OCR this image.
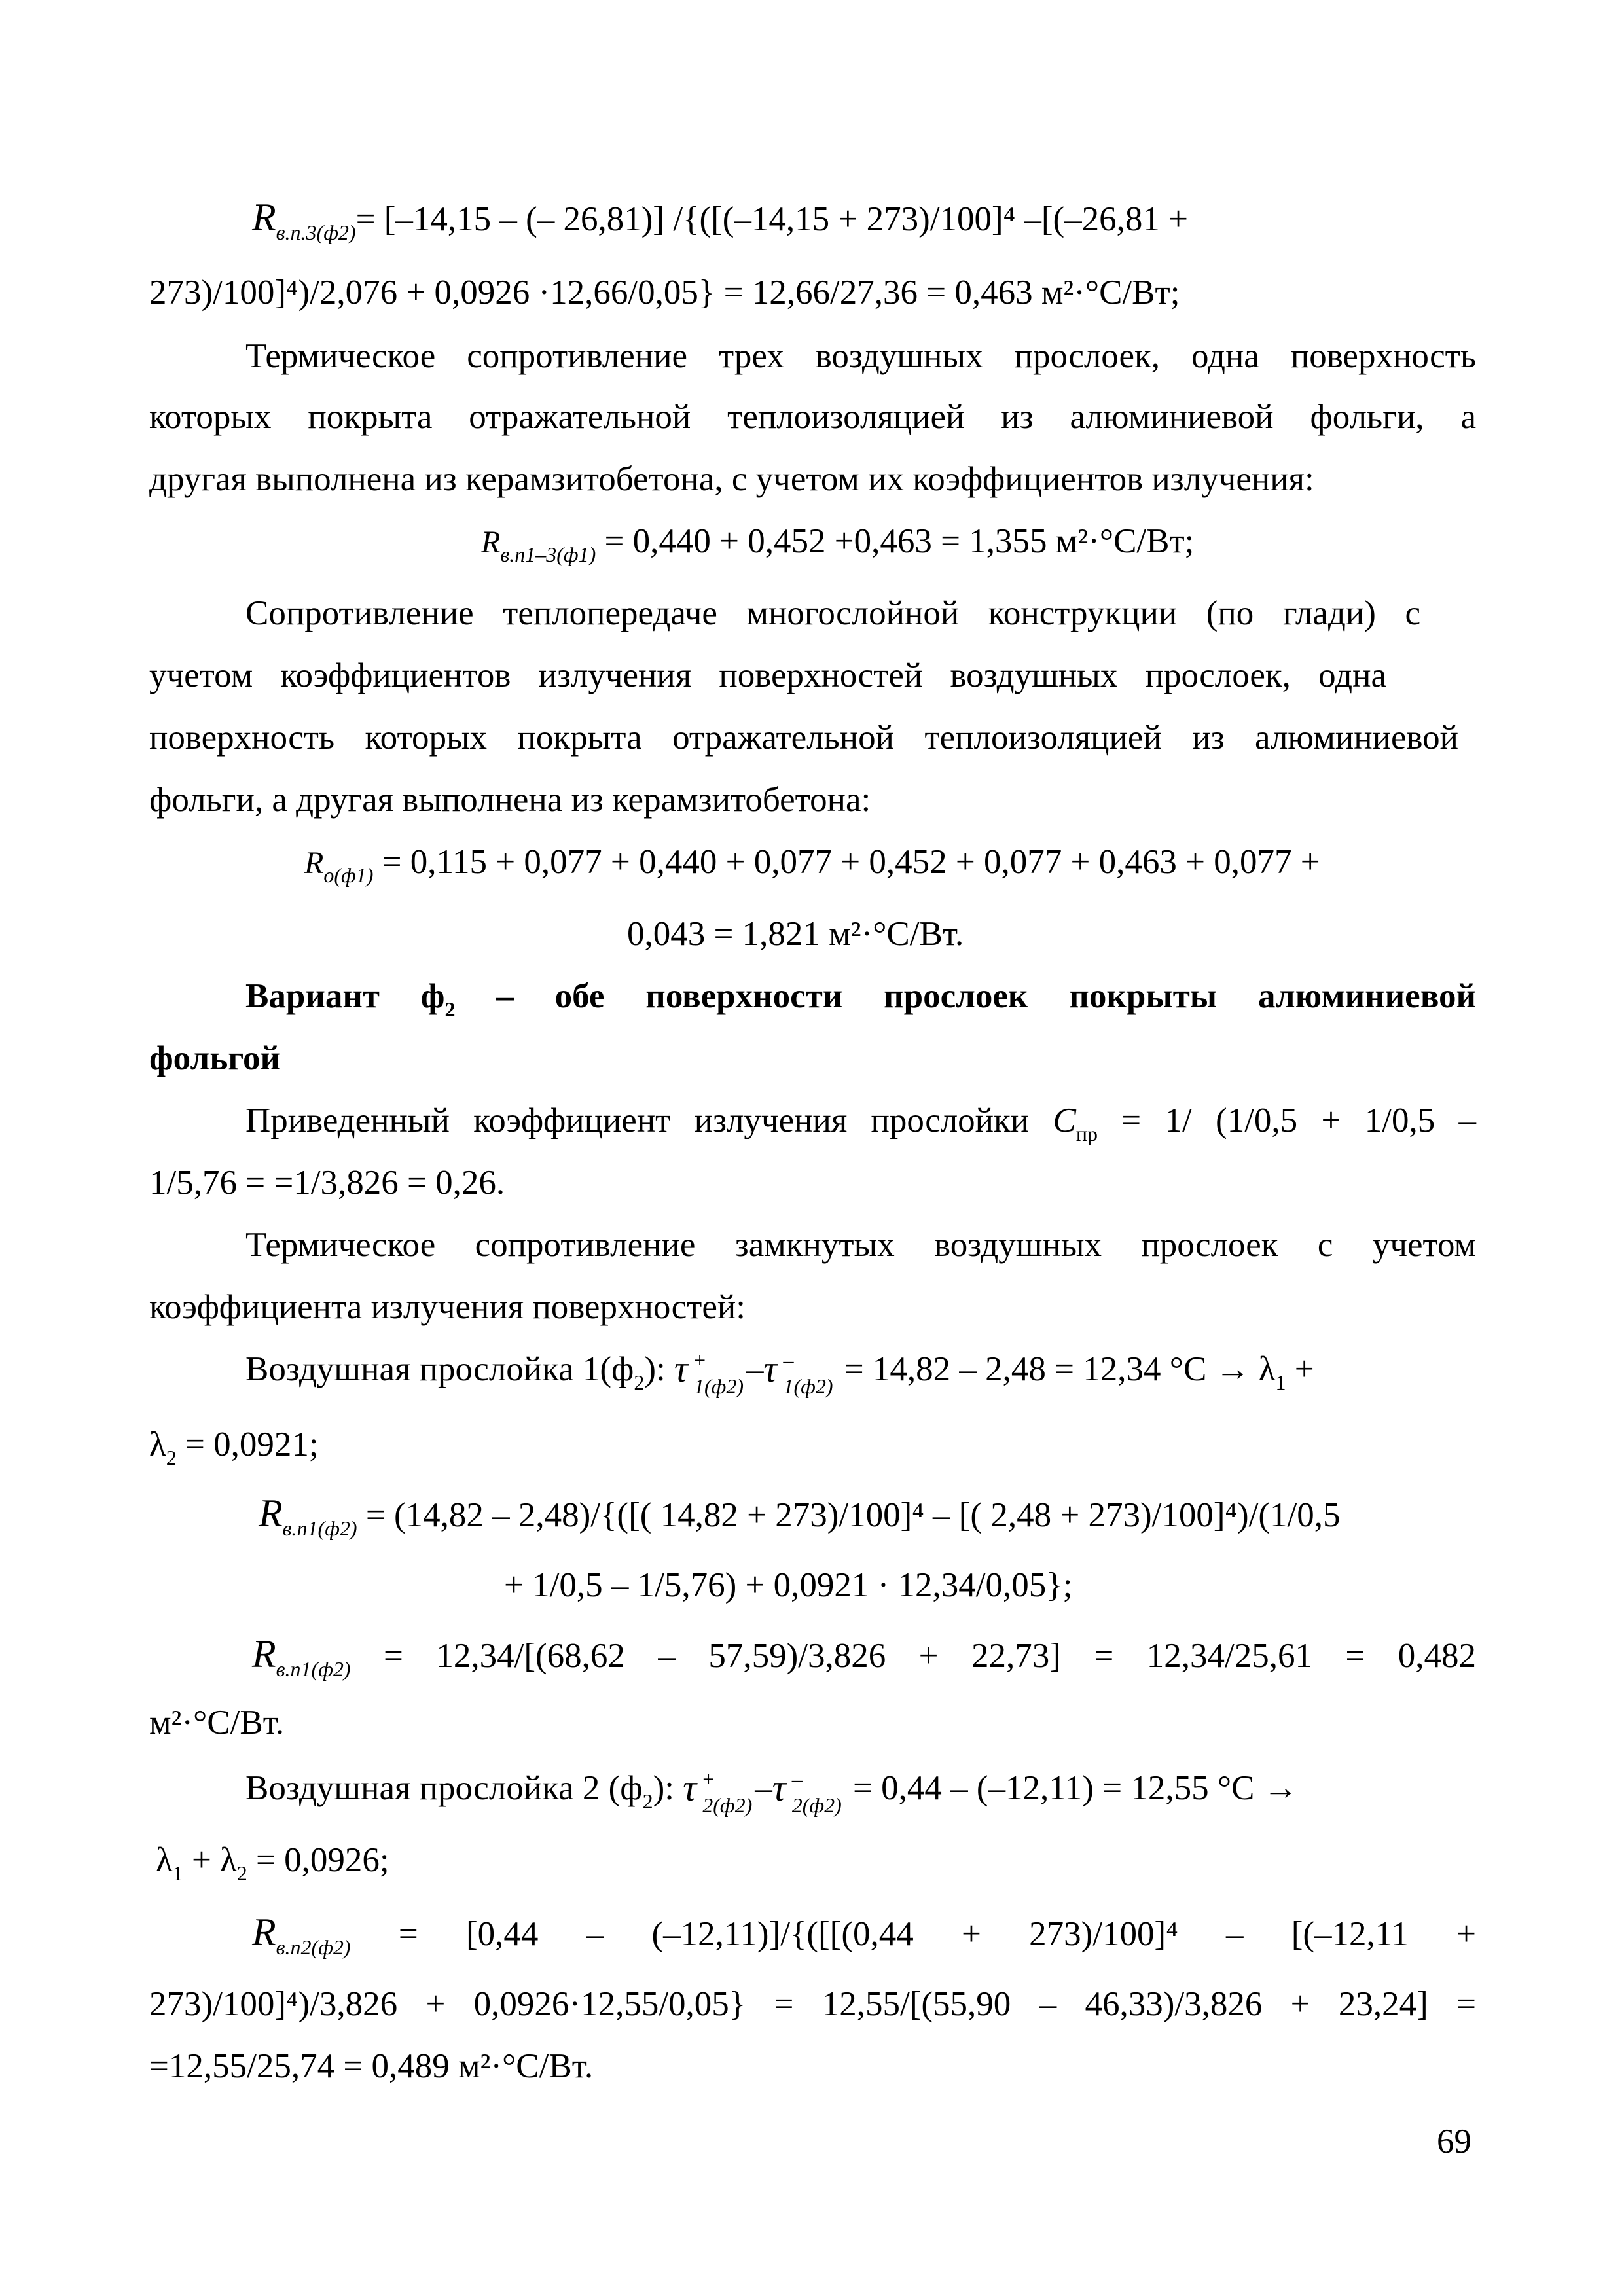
$R_{в.п.3(ф2)}= [-14,15$ – (– 26,81)] /{([(–14,15 + 273)/100]⁴ –[(–26,81 +
273)/100]⁴)/2,076 + 0,0926 ·12,66/0,05} = 12,66/27,36 = 0,463 м²·°С/Вт;
Термическое сопротивление трех воздушных прослоек, одна поверхность
которых покрыта отражательной теплоизоляцией из алюминиевой фольги, а
другая выполнена из керамзитобетона, с учетом их коэффициентов излучения:
$R_{в.п1-3(ф1)} = 0,440 + 0,452 +0,463 = 1,355$ м²·°С/Вт;
Сопротивление теплопередаче многослойной конструкции (по глади) с
учетом коэффициентов излучения поверхностей воздушных прослоек, одна
поверхность которых покрыта отражательной теплоизоляцией из алюминиевой
фольги, а другая выполнена из керамзитобетона:
$R_{о(ф1)} = 0,115 + 0,077 + 0,440 + 0,077 + 0,452 + 0,077 + 0,463 + 0,077$ +
0,043 = 1,821 м²·°С/Вт.
Вариант $ф_2$ – обе поверхности прослоек покрыты алюминиевой
фольгой
Приведенный коэффициент излучения прослойки $С_{пр} = 1/$ (1/0,5 + 1/0,5 –
1/5,76 = =1/3,826 = 0,26.
Термическое сопротивление замкнутых воздушных прослоек с учетом
коэффициента излучения поверхностей:
Воздушная прослойка $1(ф_2)$: τ +
1(ф2) – τ –
1(ф2) = 14,82 – 2,48 = 12,34 $^\circ С \to \lambda_1$ +
$\lambda_2 = 0,0921$;
$R_{в.п1(ф2)} = (14,82 - 2,48)/${([( 14,82 + 273)/100]⁴ – [( 2,48 + 273)/100]⁴)/(1/0,5
+ 1/0,5 – 1/5,76) + 0,0921 · 12,34/0,05};
$R_{в.п1(ф2)} = 12,34/[(68,62 - 57,59)/3,826 + 22,73] = 12,34/25,61 = 0,482$
м²·°С/Вт.
Воздушная прослойка 2 $(ф_2)$: τ +
2(ф2) – τ –
2(ф2) = 0,44 – (–12,11) = 12,55 °С →
$\lambda_1 + \lambda_2 = 0,0926$;
$R_{в.п2(ф2)} = [0,44 - (-12,11)]/\{([[(0,44 + 273)/100]^4 - [(-12,11$ +
273)/100]⁴)/3,826 + 0,0926·12,55/0,05} = 12,55/[(55,90 – 46,33)/3,826 + 23,24] =
=12,55/25,74 = 0,489 м²·°С/Вт.
69
